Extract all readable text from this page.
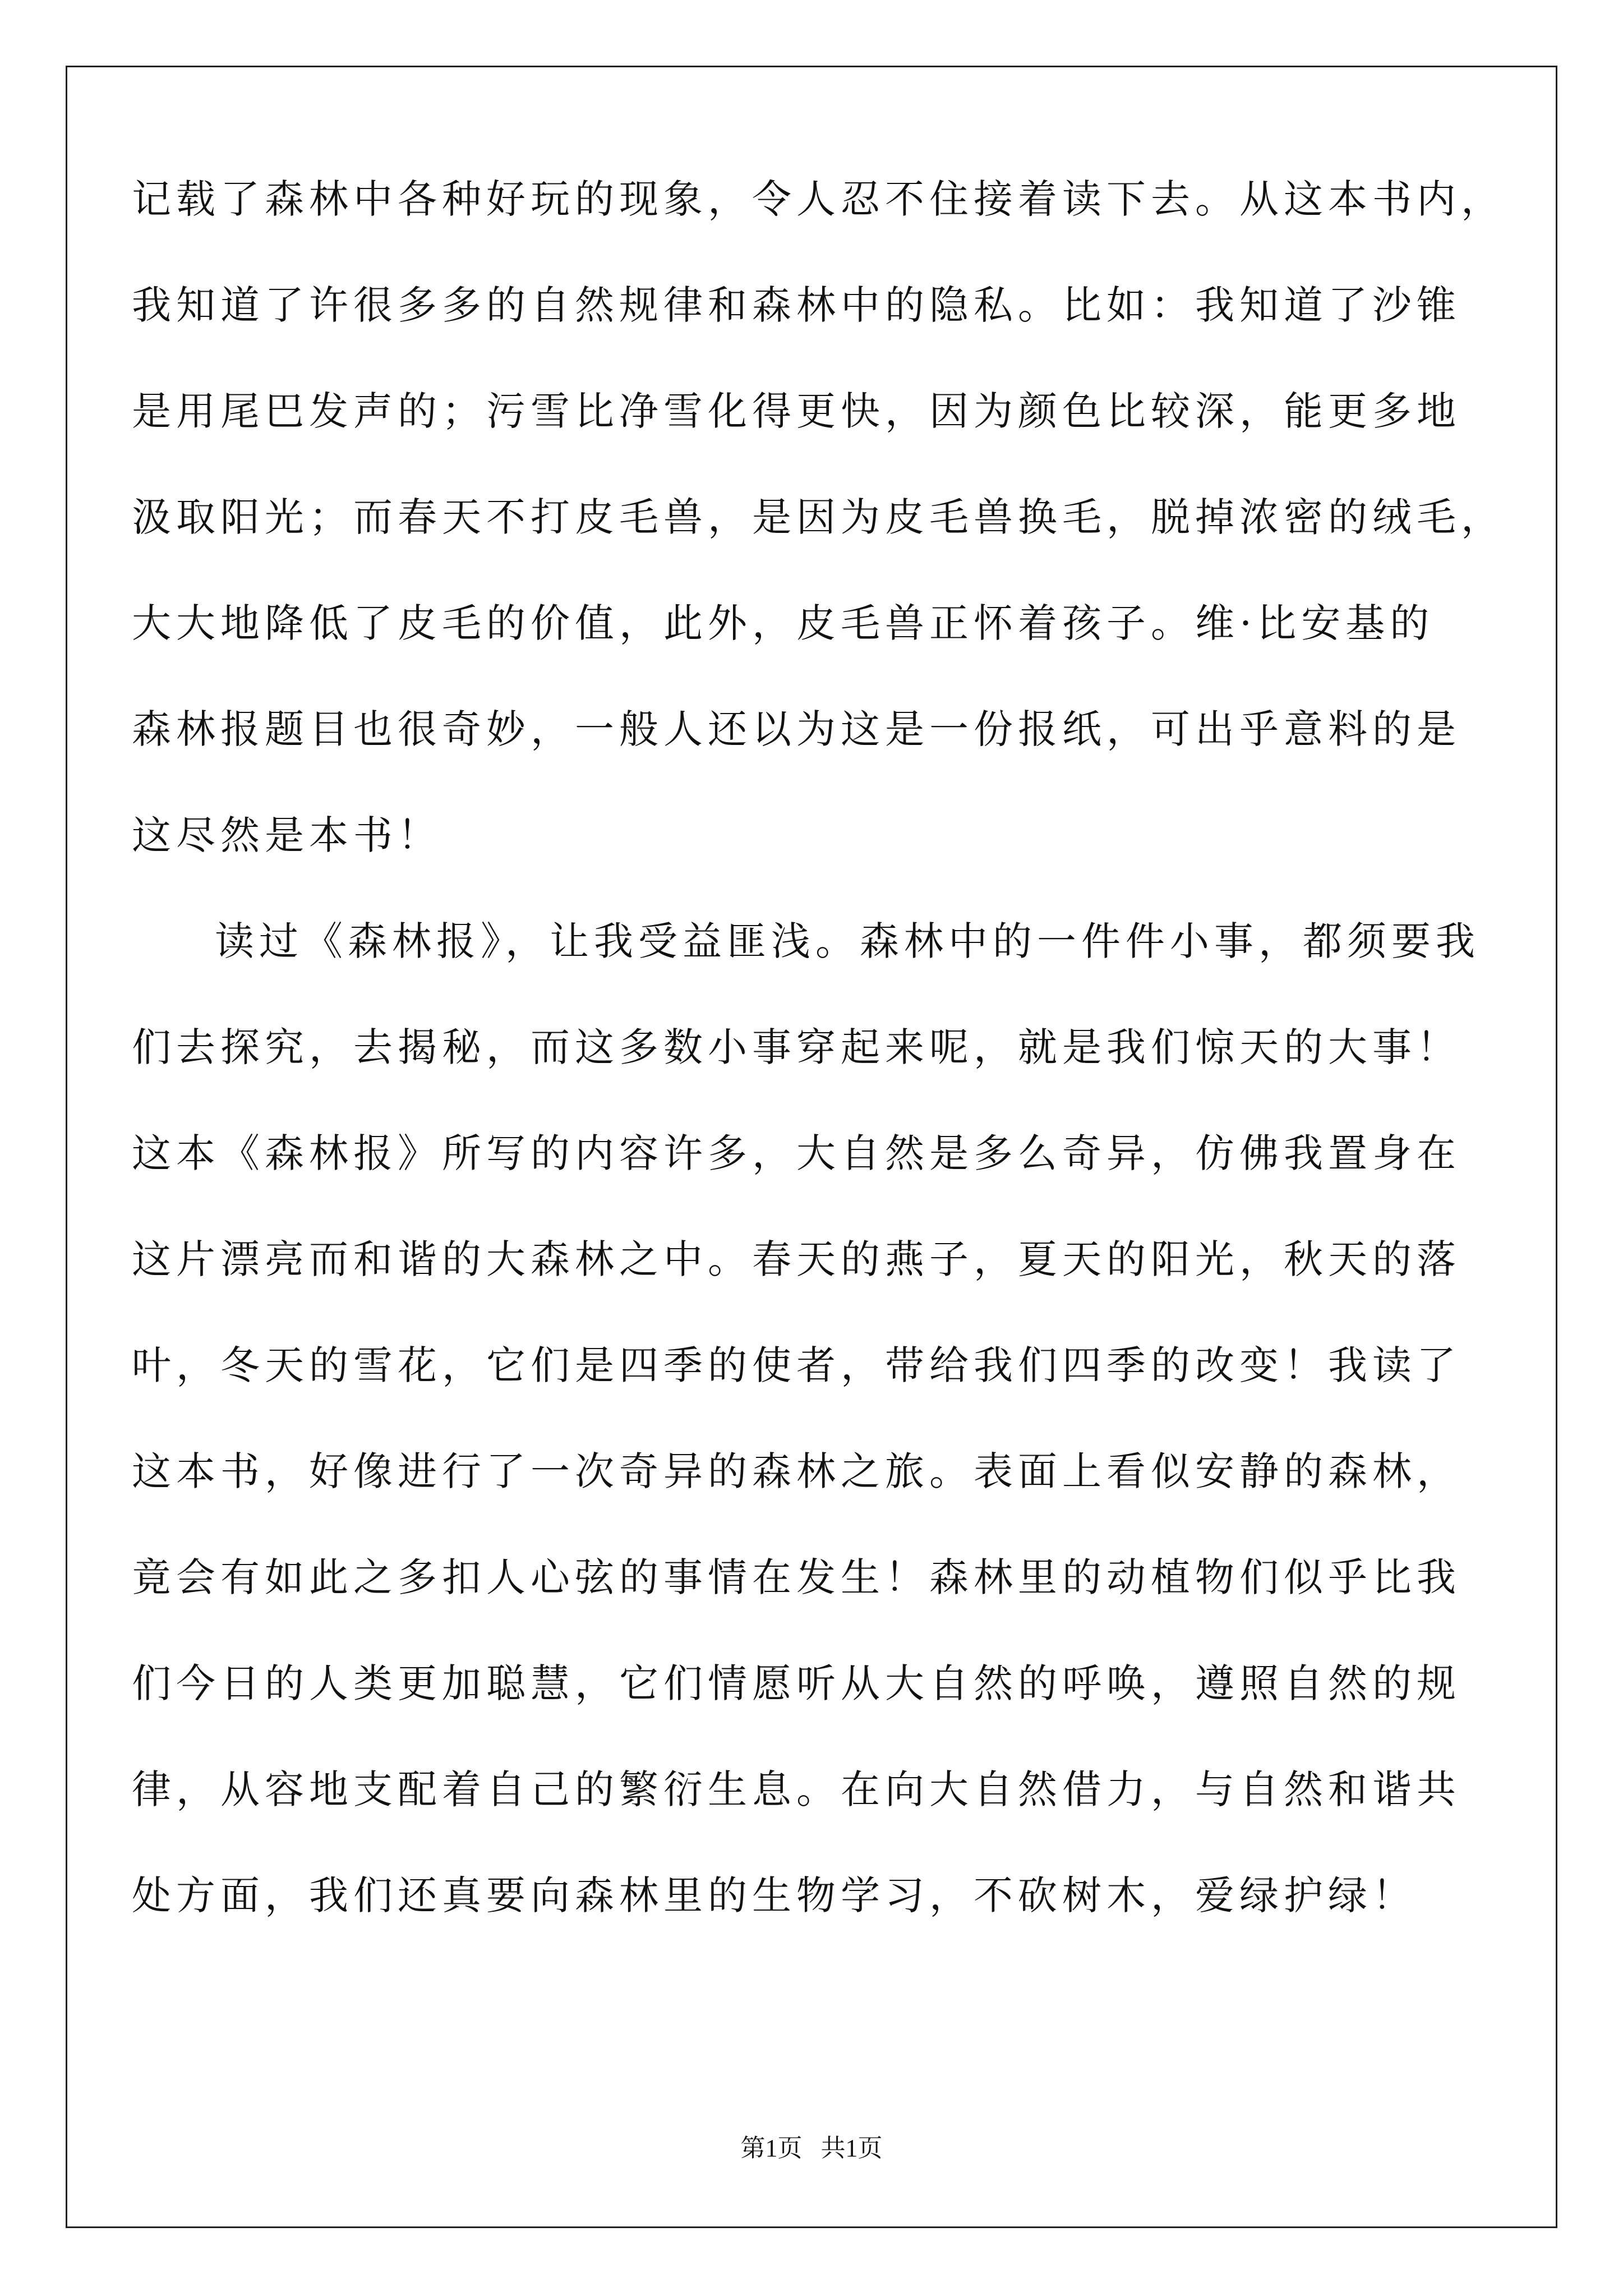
记载了森林中各种好玩的现象，令人忍不住接着读下去。从这本书内，

我知道了许很多多的自然规律和森林中的隐私。比如：我知道了沙锥

是用尾巴发声的；污雪比净雪化得更快，因为颜色比较深，能更多地

汲取阳光；而春天不打皮毛兽，是因为皮毛兽换毛，脱掉浓密的绒毛，

大大地降低了皮毛的价值，此外，皮毛兽正怀着孩子。维·比安基的

森林报题目也很奇妙，一般人还以为这是一份报纸，可出乎意料的是

这尽然是本书！

读过《森林报》，让我受益匪浅。森林中的一件件小事，都须要我

们去探究，去揭秘，而这多数小事穿起来呢，就是我们惊天的大事！

这本《森林报》所写的内容许多，大自然是多么奇异，仿佛我置身在

这片漂亮而和谐的大森林之中。春天的燕子，夏天的阳光，秋天的落

叶，冬天的雪花，它们是四季的使者，带给我们四季的改变！我读了

这本书，好像进行了一次奇异的森林之旅。表面上看似安静的森林，

竟会有如此之多扣人心弦的事情在发生！森林里的动植物们似乎比我

们今日的人类更加聪慧，它们情愿听从大自然的呼唤，遵照自然的规

律，从容地支配着自己的繁衍生息。在向大自然借力，与自然和谐共

处方面，我们还真要向森林里的生物学习，不砍树木，爱绿护绿！

第1页   共1页
